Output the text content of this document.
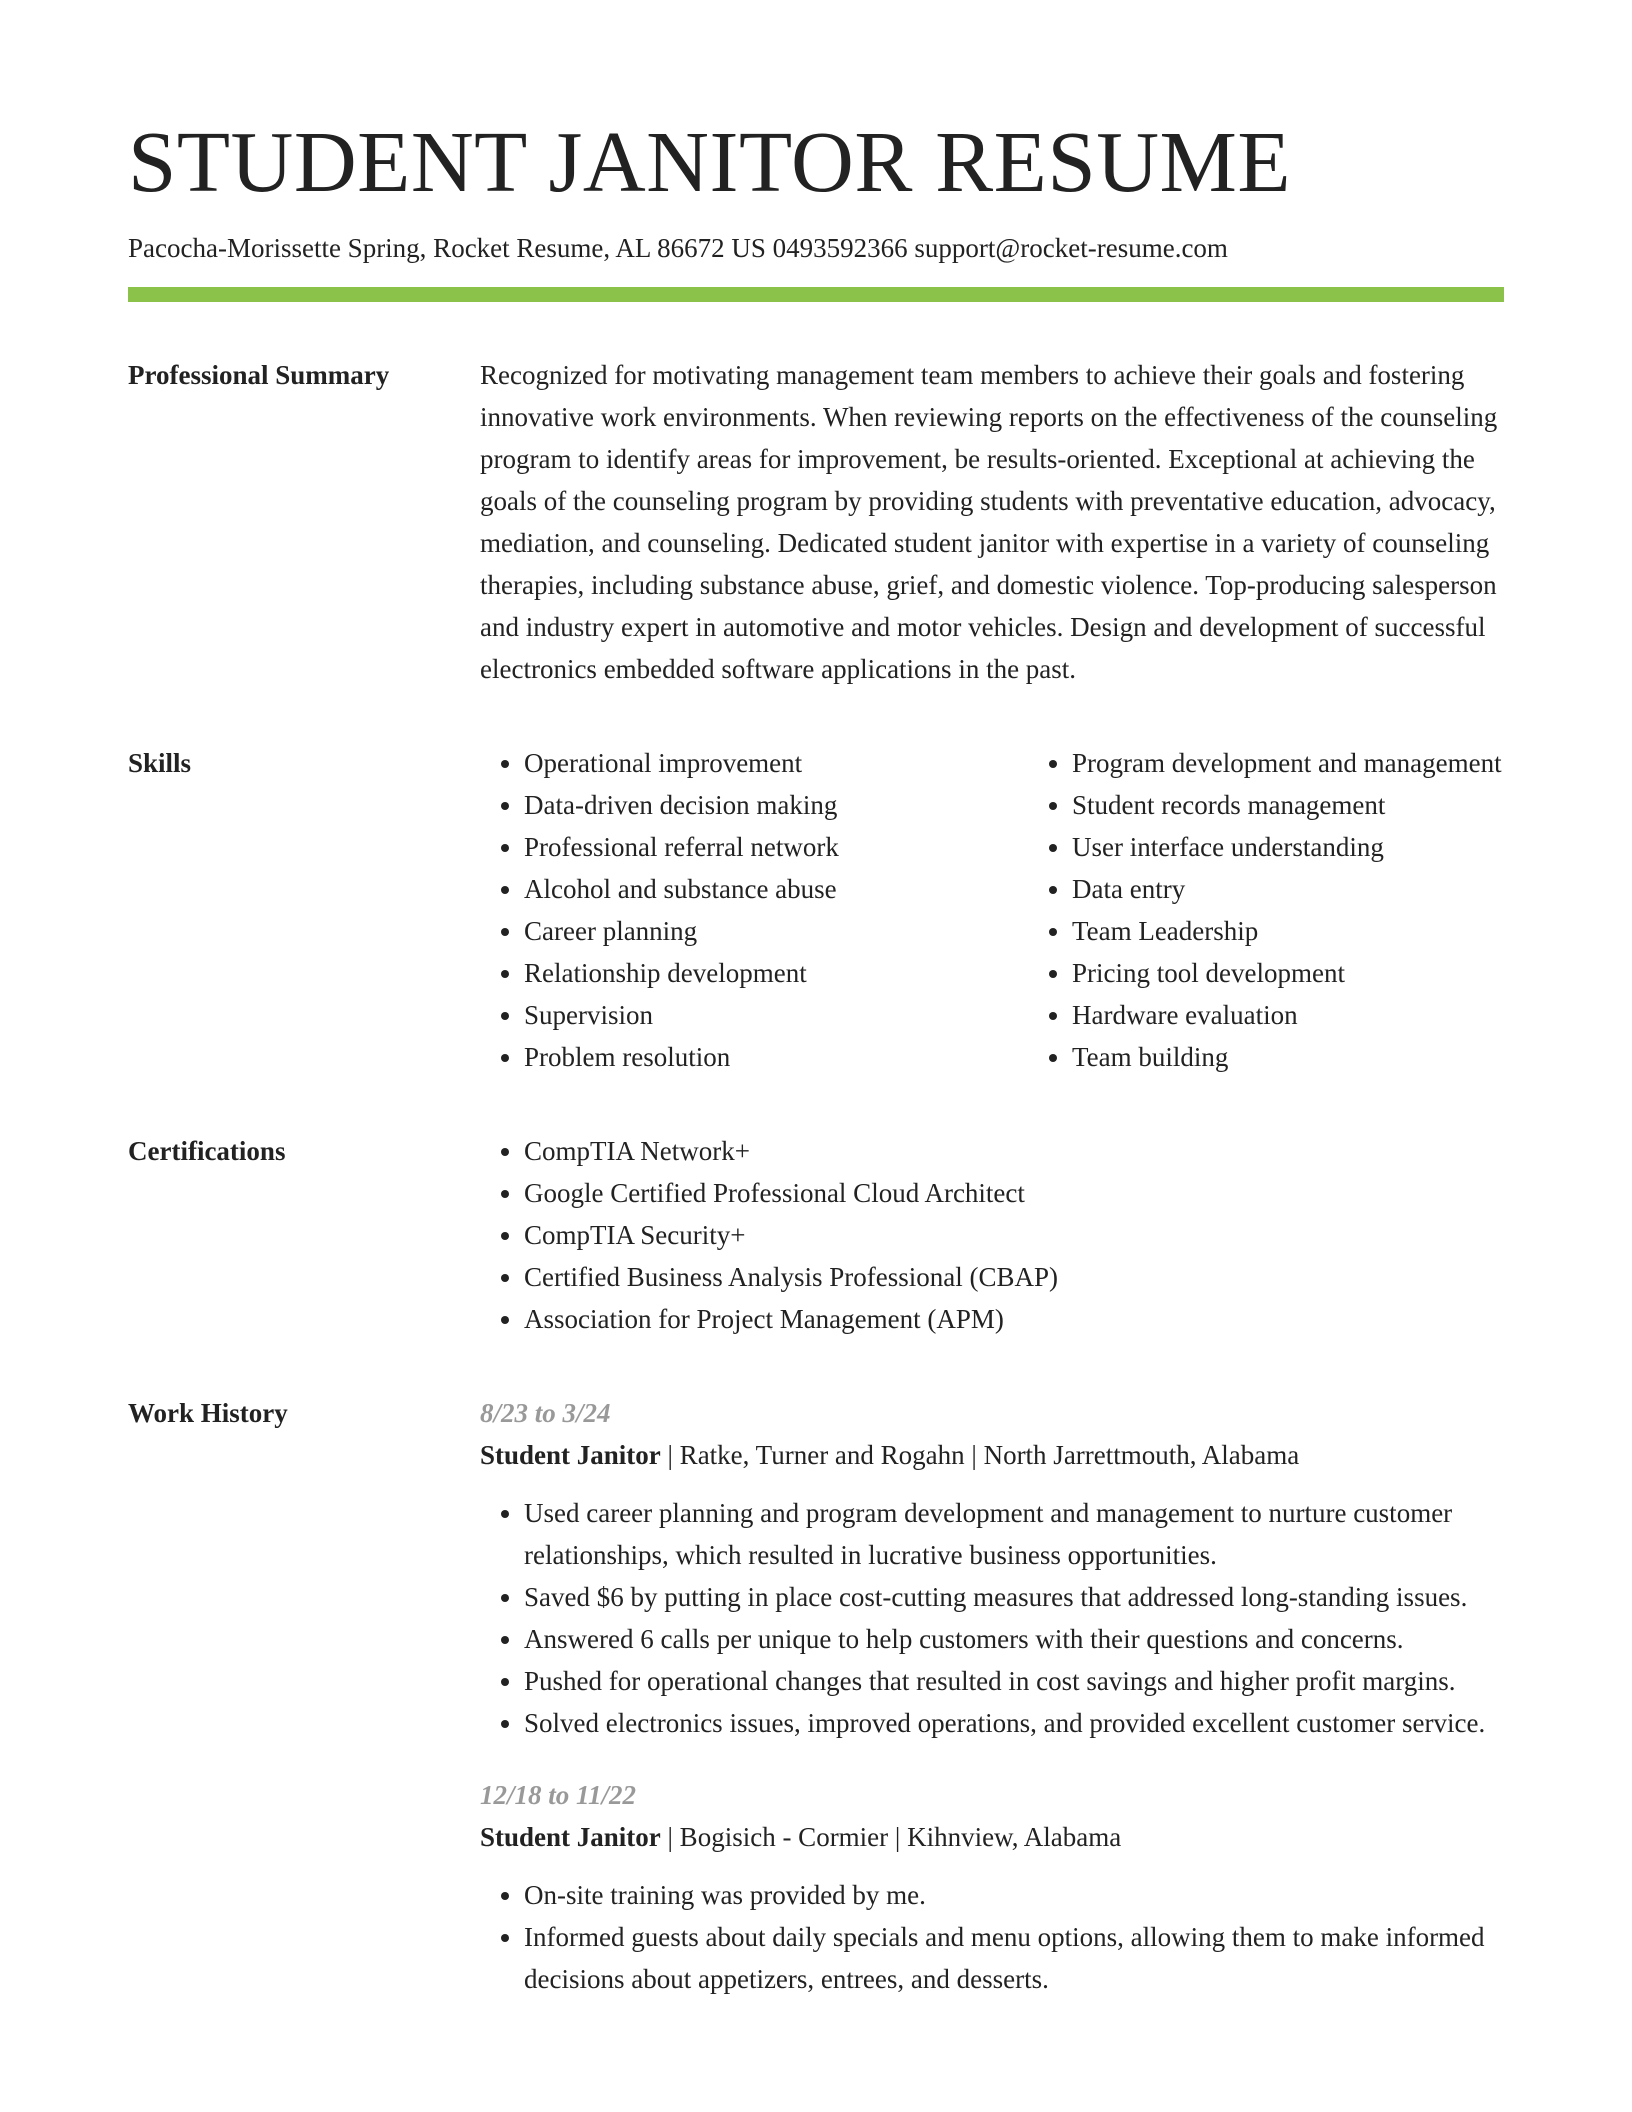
STUDENT JANITOR RESUME
Pacocha-Morissette Spring, Rocket Resume, AL 86672 US 0493592366 support@rocket-resume.com
Professional Summary	Recognized for motivating management team members to achieve their goals and fostering innovative work environments. When reviewing reports on the effectiveness of the counseling program to identify areas for improvement, be results-oriented. Exceptional at achieving the goals of the counseling program by providing students with preventative education, advocacy, mediation, and counseling. Dedicated student janitor with expertise in a variety of counseling therapies, including substance abuse, grief, and domestic violence. Top-producing salesperson and industry expert in automotive and motor vehicles. Design and development of successful electronics embedded software applications in the past.

Skills	• Operational improvement
• Data-driven decision making
• Professional referral network
• Alcohol and substance abuse
• Career planning
• Relationship development
• Supervision
• Problem resolution
• Program development and management
• Student records management
• User interface understanding
• Data entry
• Team Leadership
• Pricing tool development
• Hardware evaluation
• Team building
Certifications	• CompTIA Network+
• Google Certified Professional Cloud Architect
• CompTIA Security+
• Certified Business Analysis Professional (CBAP)
• Association for Project Management (APM)
Work History	8/23 to 3/24
Student Janitor | Ratke, Turner and Rogahn | North Jarrettmouth, Alabama
• Used career planning and program development and management to nurture customer relationships, which resulted in lucrative business opportunities.
• Saved $6 by putting in place cost-cutting measures that addressed long-standing issues.
• Answered 6 calls per unique to help customers with their questions and concerns.
• Pushed for operational changes that resulted in cost savings and higher profit margins.
• Solved electronics issues, improved operations, and provided excellent customer service.
12/18 to 11/22
Student Janitor | Bogisich - Cormier | Kihnview, Alabama
• On-site training was provided by me.
• Informed guests about daily specials and menu options, allowing them to make informed decisions about appetizers, entrees, and desserts.
